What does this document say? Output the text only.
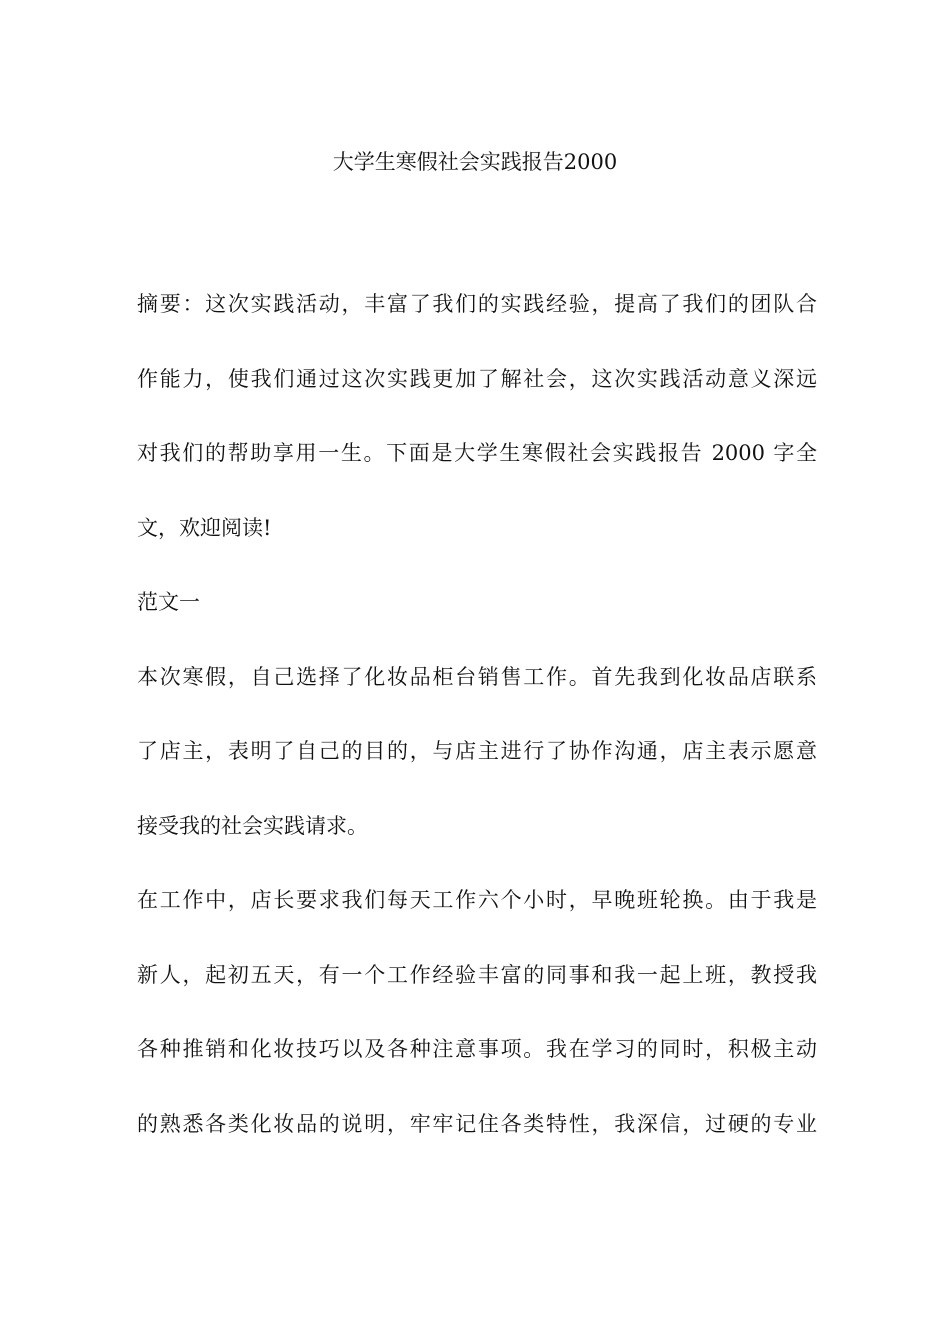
大学生寒假社会实践报告2000
摘要：这次实践活动，丰富了我们的实践经验，提高了我们的团队合
作能力，使我们通过这次实践更加了解社会，这次实践活动意义深远
对我们的帮助享用一生。下面是大学生寒假社会实践报告 2000 字全
文，欢迎阅读!
范文一
本次寒假，自己选择了化妆品柜台销售工作。首先我到化妆品店联系
了店主，表明了自己的目的，与店主进行了协作沟通，店主表示愿意
接受我的社会实践请求。
在工作中，店长要求我们每天工作六个小时，早晚班轮换。由于我是
新人，起初五天，有一个工作经验丰富的同事和我一起上班，教授我
各种推销和化妆技巧以及各种注意事项。我在学习的同时，积极主动
的熟悉各类化妆品的说明，牢牢记住各类特性，我深信，过硬的专业
